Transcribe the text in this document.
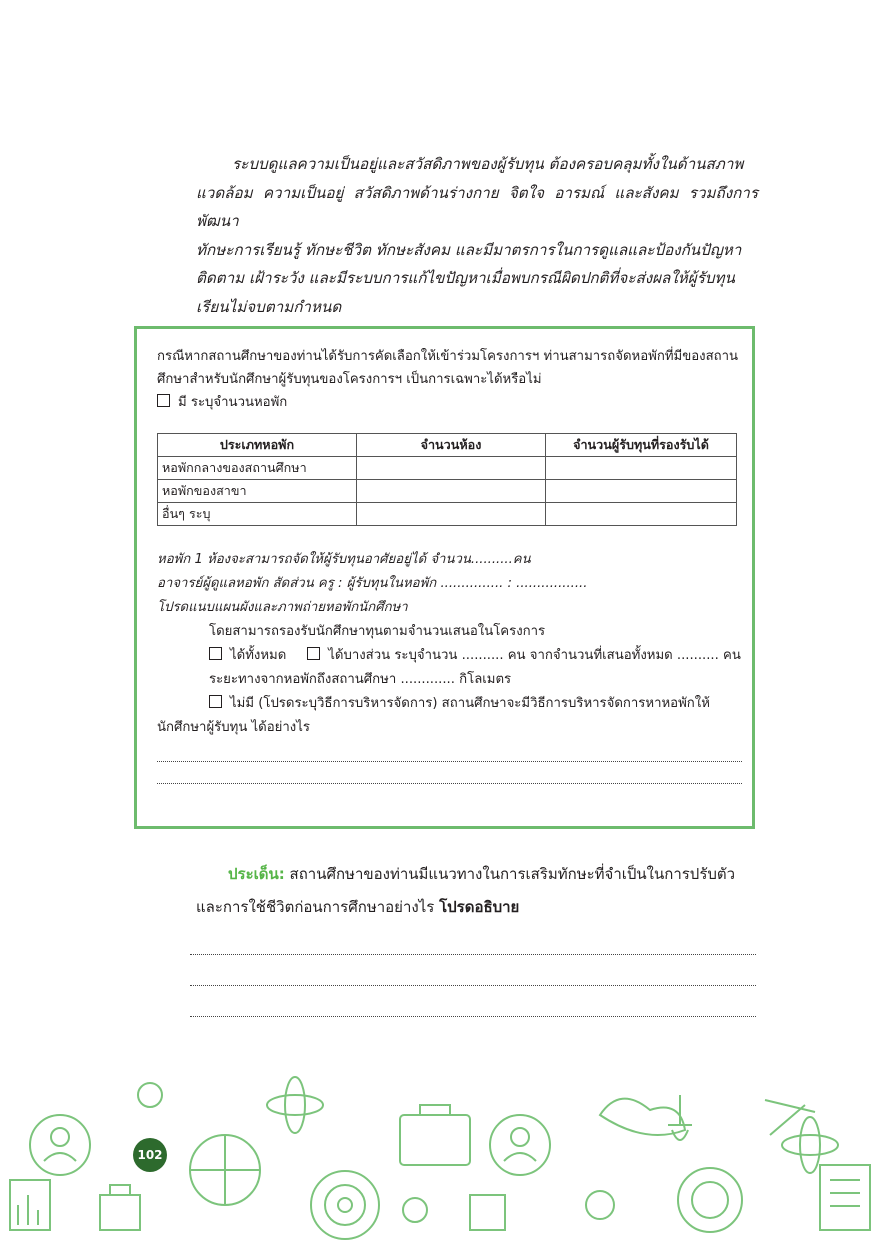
ระบบดูแลความเป็นอยู่และสวัสดิภาพของผู้รับทุน ต้องครอบคลุมทั้งในด้านสภาพ
แวดล้อม ความเป็นอยู่ สวัสดิภาพด้านร่างกาย จิตใจ อารมณ์ และสังคม รวมถึงการพัฒนา
ทักษะการเรียนรู้ ทักษะชีวิต ทักษะสังคม และมีมาตรการในการดูแลและป้องกันปัญหา
ติดตาม เฝ้าระวัง และมีระบบการแก้ไขปัญหาเมื่อพบกรณีผิดปกติที่จะส่งผลให้ผู้รับทุน
เรียนไม่จบตามกำหนด
กรณีหากสถานศึกษาของท่านได้รับการคัดเลือกให้เข้าร่วมโครงการฯ ท่านสามารถจัดหอพักที่มีของสถาน
ศึกษาสำหรับนักศึกษาผู้รับทุนของโครงการฯ เป็นการเฉพาะได้หรือไม่
มี ระบุจำนวนหอพัก
ประเภทหอพัก	จำนวนห้อง	จำนวนผู้รับทุนที่รองรับได้
หอพักกลางของสถานศึกษา		
หอพักของสาขา		
อื่นๆ ระบุ		
หอพัก 1 ห้องจะสามารถจัดให้ผู้รับทุนอาศัยอยู่ได้ จำนวน..........คน
อาจารย์ผู้ดูแลหอพัก สัดส่วน ครู : ผู้รับทุนในหอพัก ............... : .................
โปรดแนบแผนผังและภาพถ่ายหอพักนักศึกษา
โดยสามารถรองรับนักศึกษาทุนตามจำนวนเสนอในโครงการ
ได้ทั้งหมด	ได้บางส่วน ระบุจำนวน .......... คน จากจำนวนที่เสนอทั้งหมด .......... คน
ระยะทางจากหอพักถึงสถานศึกษา ............. กิโลเมตร
ไม่มี (โปรดระบุวิธีการบริหารจัดการ) สถานศึกษาจะมีวิธีการบริหารจัดการหาหอพักให้
นักศึกษาผู้รับทุน ได้อย่างไร
ประเด็น: สถานศึกษาของท่านมีแนวทางในการเสริมทักษะที่จำเป็นในการปรับตัว
และการใช้ชีวิตก่อนการศึกษาอย่างไร โปรดอธิบาย
102
